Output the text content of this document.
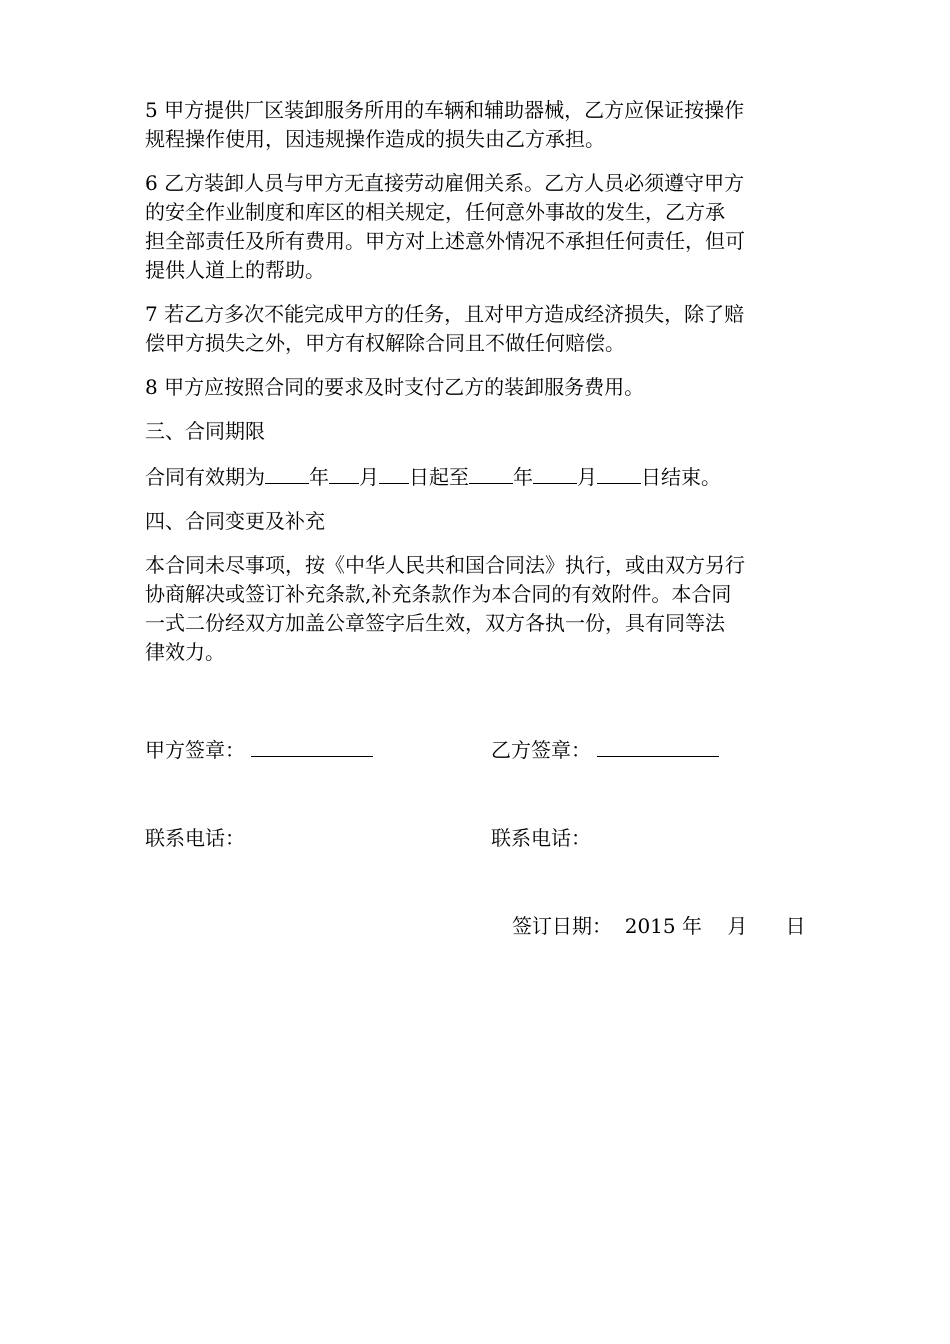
5 甲方提供厂区装卸服务所用的车辆和辅助器械，乙方应保证按操作
规程操作使用，因违规操作造成的损失由乙方承担。
6 乙方装卸人员与甲方无直接劳动雇佣关系。乙方人员必须遵守甲方
的安全作业制度和库区的相关规定，任何意外事故的发生，乙方承
担全部责任及所有费用。甲方对上述意外情况不承担任何责任，但可
提供人道上的帮助。
7 若乙方多次不能完成甲方的任务，且对甲方造成经济损失，除了赔
偿甲方损失之外，甲方有权解除合同且不做任何赔偿。
8 甲方应按照合同的要求及时支付乙方的装卸服务费用。
三、合同期限
合同有效期为 年 月 日起至 年 月 日结束。
四、合同变更及补充
本合同未尽事项，按《中华人民共和国合同法》执行，或由双方另行
协商解决或签订补充条款,补充条款作为本合同的有效附件。本合同
一式二份经双方加盖公章签字后生效，双方各执一份，具有同等法
律效力。
甲方签章：	乙方签章：
联系电话：	联系电话：
签订日期：  2015 年    月      日
